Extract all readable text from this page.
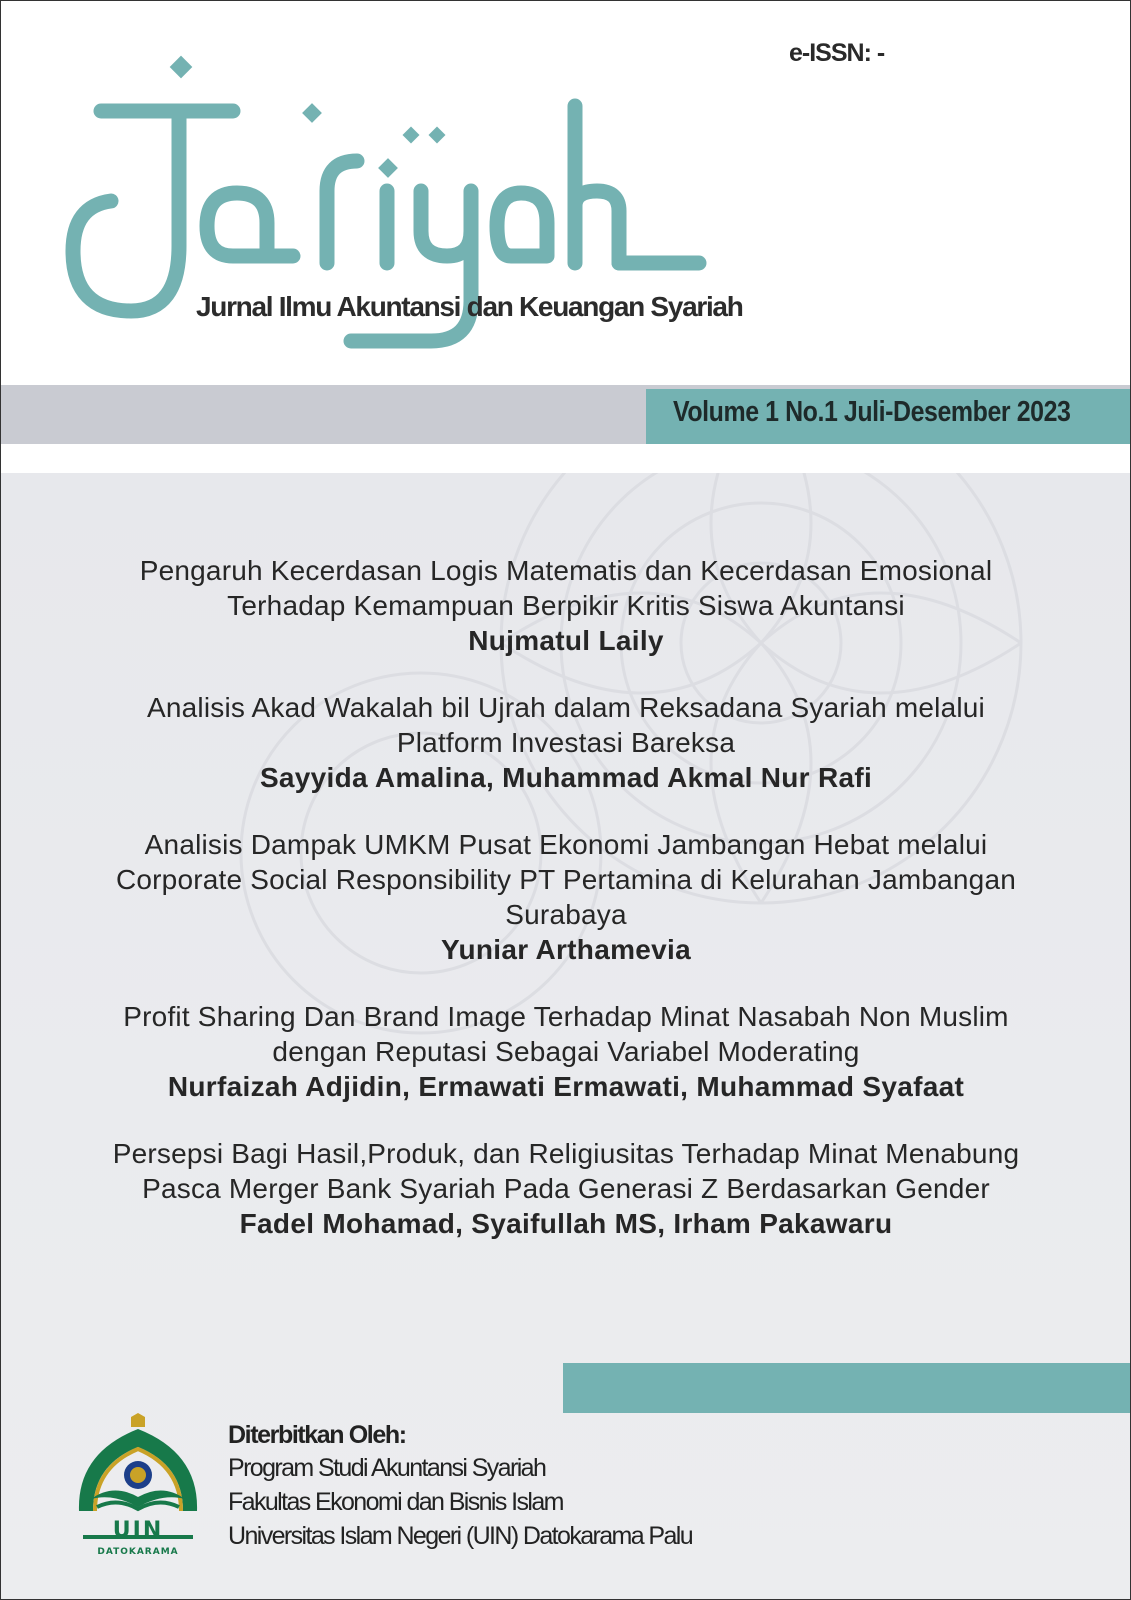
e-ISSN: -
Jurnal Ilmu Akuntansi dan Keuangan Syariah
Volume 1 No.1 Juli-Desember 2023
Pengaruh Kecerdasan Logis Matematis dan Kecerdasan Emosional
Terhadap Kemampuan Berpikir Kritis Siswa Akuntansi
Nujmatul Laily
Analisis Akad Wakalah bil Ujrah dalam Reksadana Syariah melalui
Platform Investasi Bareksa
Sayyida Amalina, Muhammad Akmal Nur Rafi
Analisis Dampak UMKM Pusat Ekonomi Jambangan Hebat melalui
Corporate Social Responsibility PT Pertamina di Kelurahan Jambangan
Surabaya
Yuniar Arthamevia
Profit Sharing Dan Brand Image Terhadap Minat Nasabah Non Muslim
dengan Reputasi Sebagai Variabel Moderating
Nurfaizah Adjidin, Ermawati Ermawati, Muhammad Syafaat
Persepsi Bagi Hasil,Produk, dan Religiusitas Terhadap Minat Menabung
Pasca Merger Bank Syariah Pada Generasi Z Berdasarkan Gender
Fadel Mohamad, Syaifullah MS, Irham Pakawaru
UIN
DATOKARAMA
Diterbitkan Oleh:
Program Studi Akuntansi Syariah
Fakultas Ekonomi dan Bisnis Islam
Universitas Islam Negeri (UIN) Datokarama Palu
